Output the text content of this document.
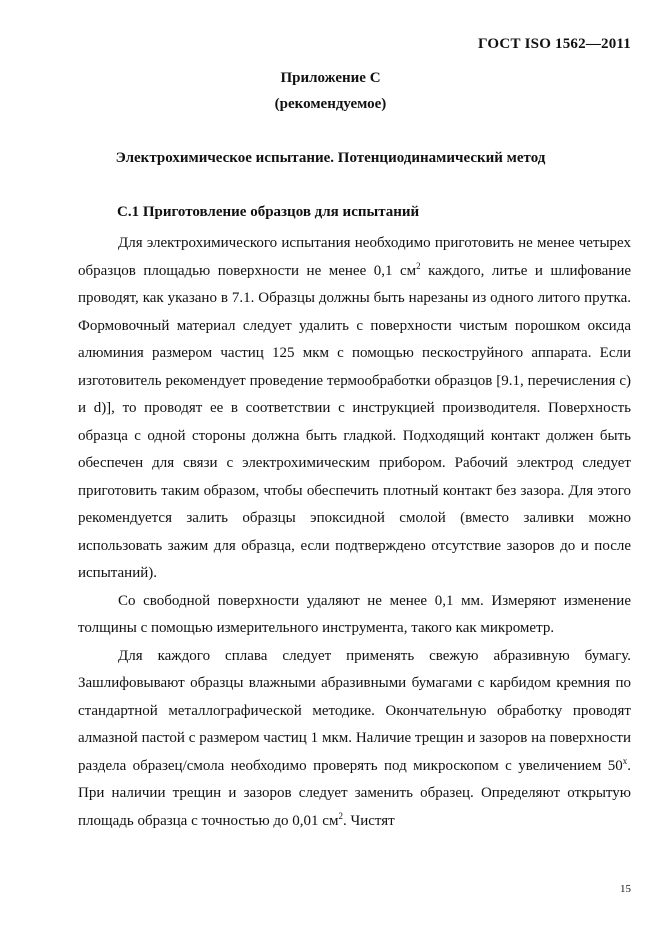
ГОСТ ISO 1562—2011
Приложение С
(рекомендуемое)
Электрохимическое испытание. Потенциодинамический метод
С.1 Приготовление образцов для испытаний

Для электрохимического испытания необходимо приготовить не менее четырех образцов площадью поверхности не менее 0,1 $см^2$ каждого, литье и шлифование проводят, как указано в 7.1. Образцы должны быть нарезаны из одного литого прутка. Формовочный материал следует удалить с поверхности чистым порошком оксида алюминия размером частиц 125 мкм с помощью пескоструйного аппарата. Если изготовитель рекомендует проведение термообработки образцов [9.1, перечисления c) и d)], то проводят ее в соответствии с инструкцией производителя. Поверхность образца с одной стороны должна быть гладкой. Подходящий контакт должен быть обеспечен для связи с электрохимическим прибором. Рабочий электрод следует приготовить таким образом, чтобы обеспечить плотный контакт без зазора. Для этого рекомендуется залить образцы эпоксидной смолой (вместо заливки можно использовать зажим для образца, если подтверждено отсутствие зазоров до и после испытаний).

Со свободной поверхности удаляют не менее 0,1 мм. Измеряют изменение толщины с помощью измерительного инструмента, такого как микрометр.

Для каждого сплава следует применять свежую абразивную бумагу. Зашлифовывают образцы влажными абразивными бумагами с карбидом кремния по стандартной металлографической методике. Окончательную обработку проводят алмазной пастой с размером частиц 1 мкм. Наличие трещин и зазоров на поверхности раздела образец/смола необходимо проверять под микроскопом с увеличением $50^х$. При наличии трещин и зазоров следует заменить образец. Определяют открытую площадь образца с точностью до 0,01 $см^2$. Чистят

15
